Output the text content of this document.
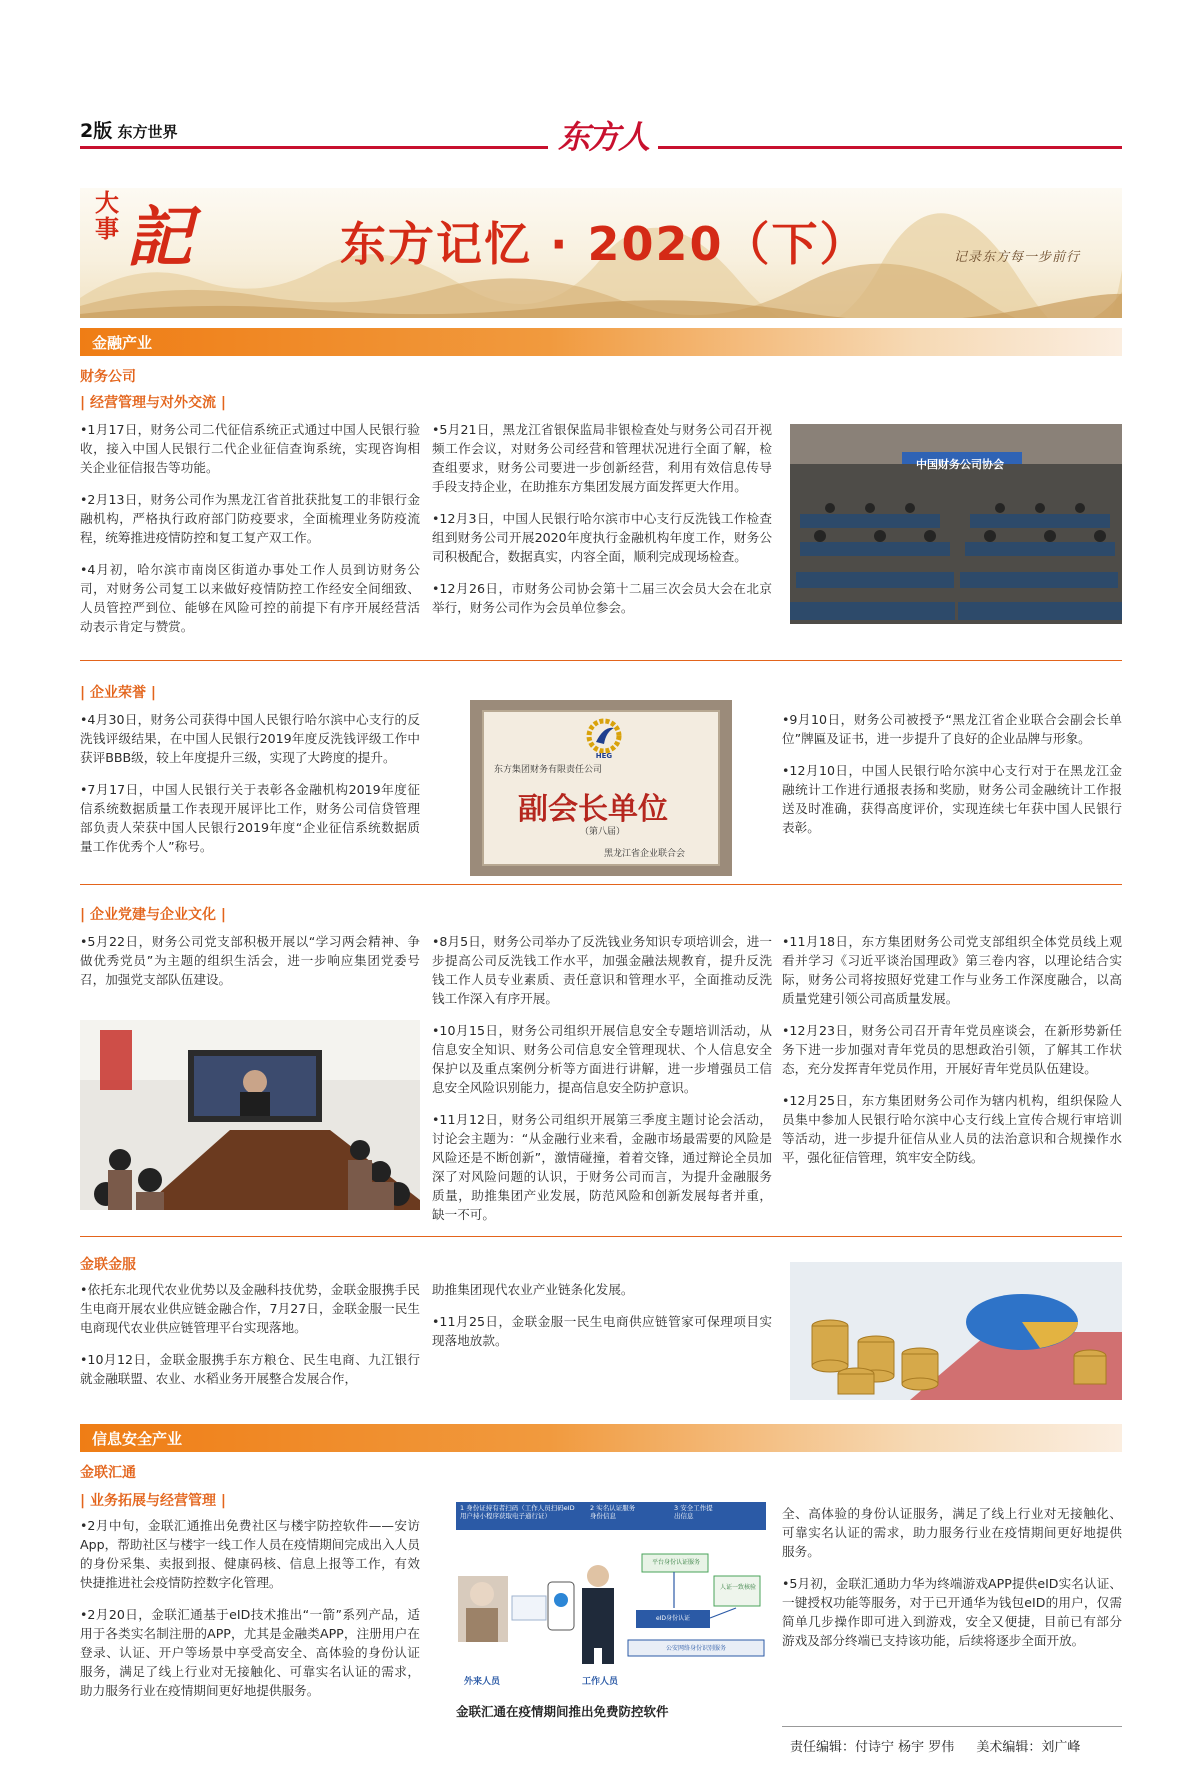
2版 东方世界	东方人
大事 記	东方记忆 · 2020（下）	记录东方每一步前行
金融产业
财务公司
| 经营管理与对外交流 |

•1月17日，财务公司二代征信系统正式通过中国人民银行验收，接入中国人民银行二代企业征信查询系统，实现咨询相关企业征信报告等功能。

•2月13日，财务公司作为黑龙江省首批获批复工的非银行金融机构，严格执行政府部门防疫要求，全面梳理业务防疫流程，统筹推进疫情防控和复工复产双工作。

•4月初，哈尔滨市南岗区街道办事处工作人员到访财务公司，对财务公司复工以来做好疫情防控工作经安全间细致、人员管控严到位、能够在风险可控的前提下有序开展经营活动表示肯定与赞赏。

•5月21日，黑龙江省银保监局非银检查处与财务公司召开视频工作会议，对财务公司经营和管理状况进行全面了解，检查组要求，财务公司要进一步创新经营，利用有效信息传导手段支持企业，在助推东方集团发展方面发挥更大作用。

•12月3日，中国人民银行哈尔滨市中心支行反洗钱工作检查组到财务公司开展2020年度执行金融机构年度工作，财务公司积极配合，数据真实，内容全面，顺利完成现场检查。

•12月26日，市财务公司协会第十二届三次会员大会在北京举行，财务公司作为会员单位参会。

中国财务公司协会
| 企业荣誉 |

•4月30日，财务公司获得中国人民银行哈尔滨中心支行的反洗钱评级结果，在中国人民银行2019年度反洗钱评级工作中获评BBB级，较上年度提升三级，实现了大跨度的提升。

•7月17日，中国人民银行关于表彰各金融机构2019年度征信系统数据质量工作表现开展评比工作，财务公司信贷管理部负责人荣获中国人民银行2019年度“企业征信系统数据质量工作优秀个人”称号。

HEG
东方集团财务有限责任公司
副会长单位
（第八届）
黑龙江省企业联合会

•9月10日，财务公司被授予“黑龙江省企业联合会副会长单位”牌匾及证书，进一步提升了良好的企业品牌与形象。

•12月10日，中国人民银行哈尔滨中心支行对于在黑龙江金融统计工作进行通报表扬和奖励，财务公司金融统计工作报送及时准确，获得高度评价，实现连续七年获中国人民银行表彰。

| 企业党建与企业文化 |

•5月22日，财务公司党支部积极开展以“学习两会精神、争做优秀党员”为主题的组织生活会，进一步响应集团党委号召，加强党支部队伍建设。

•8月5日，财务公司举办了反洗钱业务知识专项培训会，进一步提高公司反洗钱工作水平，加强金融法规教育，提升反洗钱工作人员专业素质、责任意识和管理水平，全面推动反洗钱工作深入有序开展。

•10月15日，财务公司组织开展信息安全专题培训活动，从信息安全知识、财务公司信息安全管理现状、个人信息安全保护以及重点案例分析等方面进行讲解，进一步增强员工信息安全风险识别能力，提高信息安全防护意识。

•11月12日，财务公司组织开展第三季度主题讨论会活动，讨论会主题为：“从金融行业来看，金融市场最需要的风险是风险还是不断创新”，激情碰撞，着着交锋，通过辩论全员加深了对风险问题的认识，于财务公司而言，为提升金融服务质量，助推集团产业发展，防范风险和创新发展每者并重，缺一不可。

•11月18日，东方集团财务公司党支部组织全体党员线上观看并学习《习近平谈治国理政》第三卷内容，以理论结合实际，财务公司将按照好党建工作与业务工作深度融合，以高质量党建引领公司高质量发展。

•12月23日，财务公司召开青年党员座谈会，在新形势新任务下进一步加强对青年党员的思想政治引领，了解其工作状态，充分发挥青年党员作用，开展好青年党员队伍建设。

•12月25日，东方集团财务公司作为辖内机构，组织保险人员集中参加人民银行哈尔滨中心支行线上宣传合规行审培训等活动，进一步提升征信从业人员的法治意识和合规操作水平，强化征信管理，筑牢安全防线。

金联金服

•依托东北现代农业优势以及金融科技优势，金联金服携手民生电商开展农业供应链金融合作，7月27日，金联金服一民生电商现代农业供应链管理平台实现落地。

•10月12日，金联金服携手东方粮仓、民生电商、九江银行就金融联盟、农业、水稻业务开展整合发展合作，

助推集团现代农业产业链条化发展。

•11月25日，金联金服一民生电商供应链管家可保理项目实现落地放款。

信息安全产业
金联汇通
| 业务拓展与经营管理 |

•2月中旬，金联汇通推出免费社区与楼宇防控软件——安访App，帮助社区与楼宇一线工作人员在疫情期间完成出入人员的身份采集、卖报到报、健康码核、信息上报等工作，有效快捷推进社会疫情防控数字化管理。

•2月20日，金联汇通基于eID技术推出“一箭”系列产品，适用于各类实名制注册的APP，尤其是金融类APP，注册用户在登录、认证、开户等场景中享受高安全、高体验的身份认证服务，满足了线上行业对无接触化、可靠实名认证的需求，助力服务行业在疫情期间更好地提供服务。

1 身份证持有者扫码（工作人员扫码eID
用户持小程序获取电子通行证）
2 实名认证服务
身份信息
3 安全工作提
出信息
平台身份认证服务
人证一致核验
eID身份认证
公安网络身份识别服务
外来人员	工作人员
金联汇通在疫情期间推出免费防控软件

全、高体验的身份认证服务，满足了线上行业对无接触化、可靠实名认证的需求，助力服务行业在疫情期间更好地提供服务。

•5月初，金联汇通助力华为终端游戏APP提供eID实名认证、一键授权功能等服务，对于已开通华为钱包eID的用户，仅需简单几步操作即可进入到游戏，安全又便捷，目前已有部分游戏及部分终端已支持该功能，后续将逐步全面开放。

责任编辑：付诗宁 杨宇 罗伟 美术编辑：刘广峰
